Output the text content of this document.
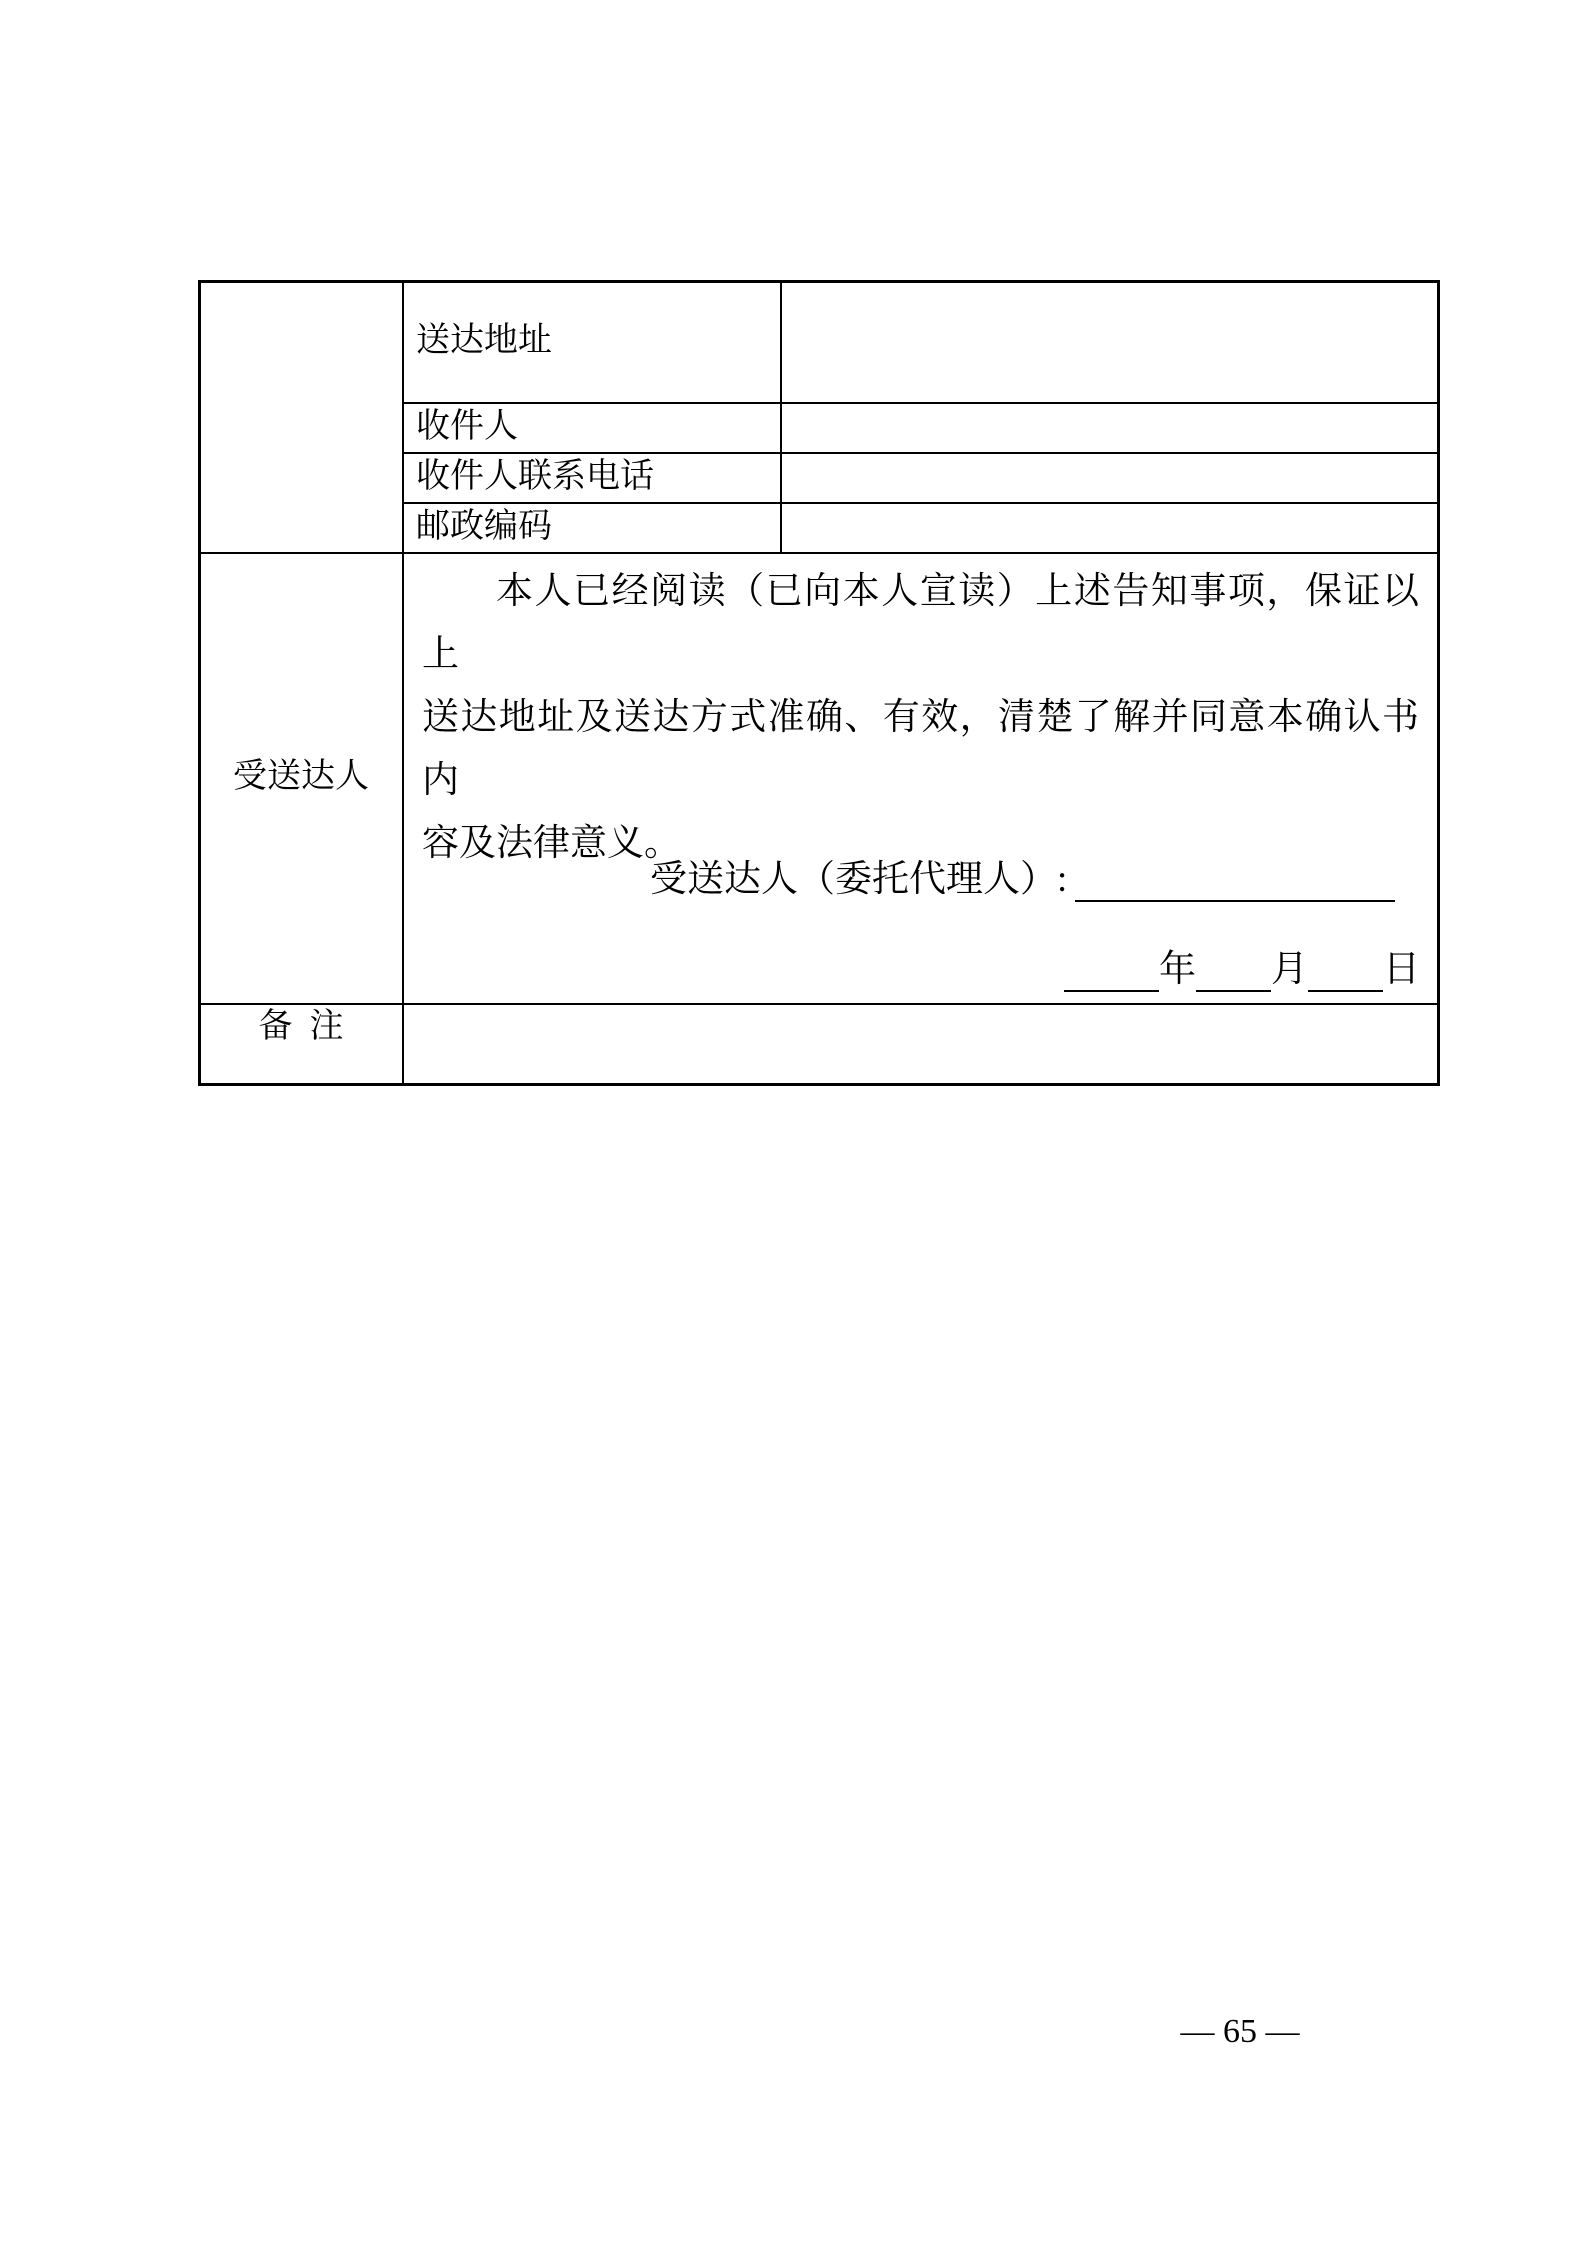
送达地址
收件人
收件人联系电话
邮政编码
受送达人
本人已经阅读（已向本人宣读）上述告知事项，保证以上
送达地址及送达方式准确、有效，清楚了解并同意本确认书内
容及法律意义。
受送达人（委托代理人）:
年 月 日
备  注
— 65 —
